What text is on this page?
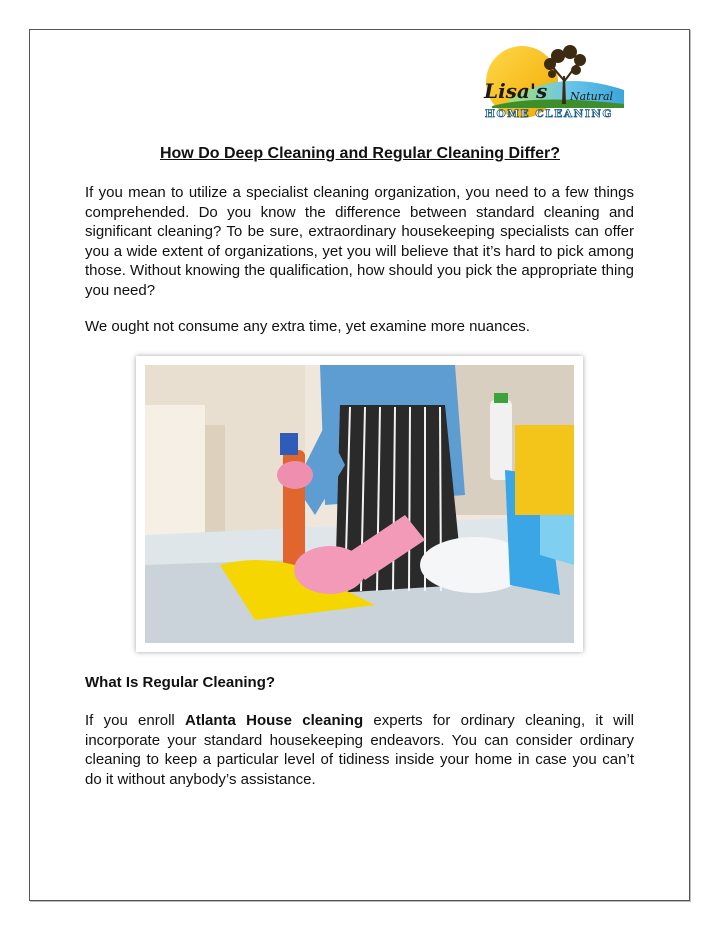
Lisa's Natural
HOME CLEANING
How Do Deep Cleaning and Regular Cleaning Differ?

If you mean to utilize a specialist cleaning organization, you need to a few things comprehended. Do you know the difference between standard cleaning and significant cleaning? To be sure, extraordinary housekeeping specialists can offer you a wide extent of organizations, yet you will believe that it’s hard to pick among those. Without knowing the qualification, how should you pick the appropriate thing you need?

We ought not consume any extra time, yet examine more nuances.

What Is Regular Cleaning?

If you enroll Atlanta House cleaning experts for ordinary cleaning, it will incorporate your standard housekeeping endeavors. You can consider ordinary cleaning to keep a particular level of tidiness inside your home in case you can’t do it without anybody’s assistance.
